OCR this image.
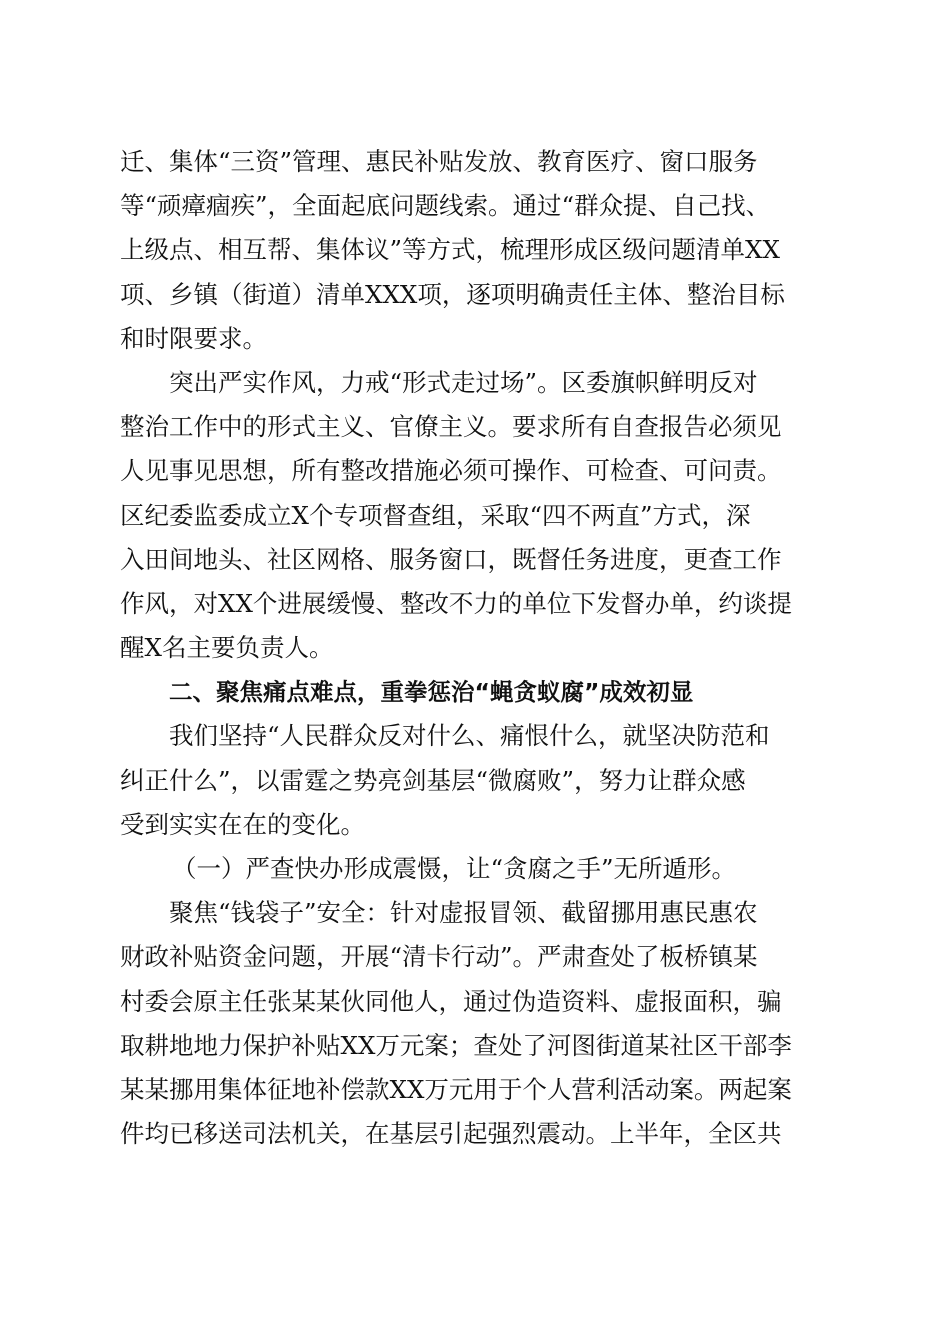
迁、集体“三资”管理、惠民补贴发放、教育医疗、窗口服务
等“顽瘴痼疾”，全面起底问题线索。通过“群众提、自己找、
上级点、相互帮、集体议”等方式，梳理形成区级问题清单XX
项、乡镇（街道）清单XXX项，逐项明确责任主体、整治目标
和时限要求。
突出严实作风，力戒“形式走过场”。区委旗帜鲜明反对
整治工作中的形式主义、官僚主义。要求所有自查报告必须见
人见事见思想，所有整改措施必须可操作、可检查、可问责。
区纪委监委成立X个专项督查组，采取“四不两直”方式，深
入田间地头、社区网格、服务窗口，既督任务进度，更查工作
作风，对XX个进展缓慢、整改不力的单位下发督办单，约谈提
醒X名主要负责人。
二、聚焦痛点难点，重拳惩治“蝇贪蚁腐”成效初显
我们坚持“人民群众反对什么、痛恨什么，就坚决防范和
纠正什么”，以雷霆之势亮剑基层“微腐败”，努力让群众感
受到实实在在的变化。
（一）严查快办形成震慑，让“贪腐之手”无所遁形。
聚焦“钱袋子”安全：针对虚报冒领、截留挪用惠民惠农
财政补贴资金问题，开展“清卡行动”。严肃查处了板桥镇某
村委会原主任张某某伙同他人，通过伪造资料、虚报面积，骗
取耕地地力保护补贴XX万元案；查处了河图街道某社区干部李
某某挪用集体征地补偿款XX万元用于个人营利活动案。两起案
件均已移送司法机关，在基层引起强烈震动。上半年，全区共
